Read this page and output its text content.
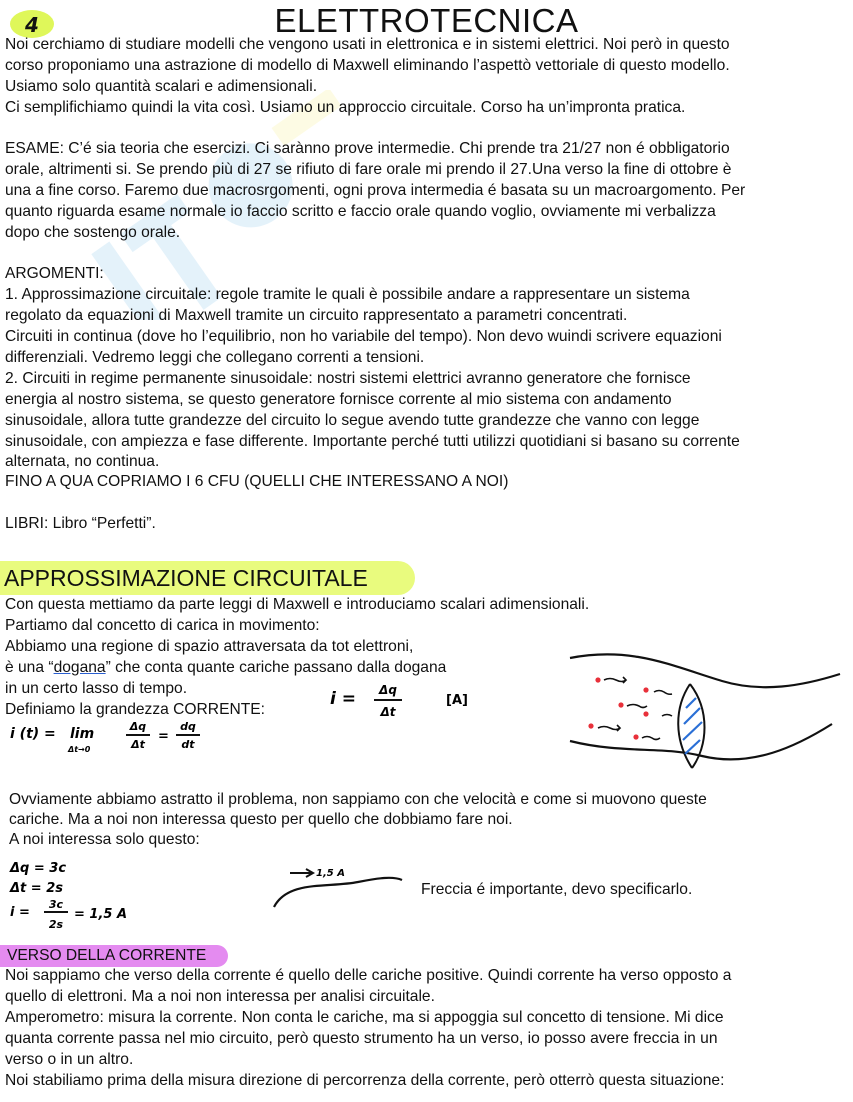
4	ELETTROTECNICA

Noi cerchiamo di studiare modelli che vengono usati in elettronica e in sistemi elettrici. Noi però in questo

corso proponiamo una astrazione di modello di Maxwell eliminando l’aspettò vettoriale di questo modello.

Usiamo solo quantità scalari e adimensionali.

Ci semplifichiamo quindi la vita così. Usiamo un approccio circuitale. Corso ha un’impronta pratica.

ESAME: C’é sia teoria che esercizi. Ci sarànno prove intermedie. Chi prende tra 21/27 non é obbligatorio

orale, altrimenti si. Se prendo più di 27 se rifiuto di fare orale mi prendo il 27.Una verso la fine di ottobre è

una a fine corso. Faremo due macrosrgomenti, ogni prova intermedia é basata su un macroargomento. Per

quanto riguarda esame normale io faccio scritto e faccio orale quando voglio, ovviamente mi verbalizza

dopo che sostengo orale.

ARGOMENTI:

1. Approssimazione circuitale: regole tramite le quali è possibile andare a rappresentare un sistema

regolato da equazioni di Maxwell tramite un circuito rappresentato a parametri concentrati.

Circuiti in continua (dove ho l’equilibrio, non ho variabile del tempo). Non devo wuindi scrivere equazioni

differenziali. Vedremo leggi che collegano correnti a tensioni.

2. Circuiti in regime permanente sinusoidale: nostri sistemi elettrici avranno generatore che fornisce

energia al nostro sistema, se questo generatore fornisce corrente al mio sistema con andamento

sinusoidale, allora tutte grandezze del circuito lo segue avendo tutte grandezze che vanno con legge

sinusoidale, con ampiezza e fase differente. Importante perché tutti utilizzi quotidiani si basano su corrente

alternata, no continua.

FINO A QUA COPRIAMO I 6 CFU (QUELLI CHE INTERESSANO A NOI)

LIBRI: Libro “Perfetti”.

APPROSSIMAZIONE CIRCUITALE

Con questa mettiamo da parte leggi di Maxwell e introduciamo scalari adimensionali.

Partiamo dal concetto di carica in movimento:

Abbiamo una regione di spazio attraversata da tot elettroni,

è una “dogana” che conta quante cariche passano dalla dogana

in un certo lasso di tempo.

Definiamo la grandezza CORRENTE:

i = Δq
Δt
[A]
i (t) = lim
Δt→0
Δq
Δt
=
dq
dt

Ovviamente abbiamo astratto il problema, non sappiamo con che velocità e come si muovono queste

cariche. Ma a noi non interessa questo per quello che dobbiamo fare noi.

A noi interessa solo questo:

Δq = 3c
Δt = 2s
i =
3c
2s
= 1,5 A
1,5 A

Freccia é importante, devo specificarlo.

VERSO DELLA CORRENTE

Noi sappiamo che verso della corrente é quello delle cariche positive. Quindi corrente ha verso opposto a

quello di elettroni. Ma a noi non interessa per analisi circuitale.

Amperometro: misura la corrente. Non conta le cariche, ma si appoggia sul concetto di tensione. Mi dice

quanta corrente passa nel mio circuito, però questo strumento ha un verso, io posso avere freccia in un

verso o in un altro.

Noi stabiliamo prima della misura direzione di percorrenza della corrente, però otterrò questa situazione:
